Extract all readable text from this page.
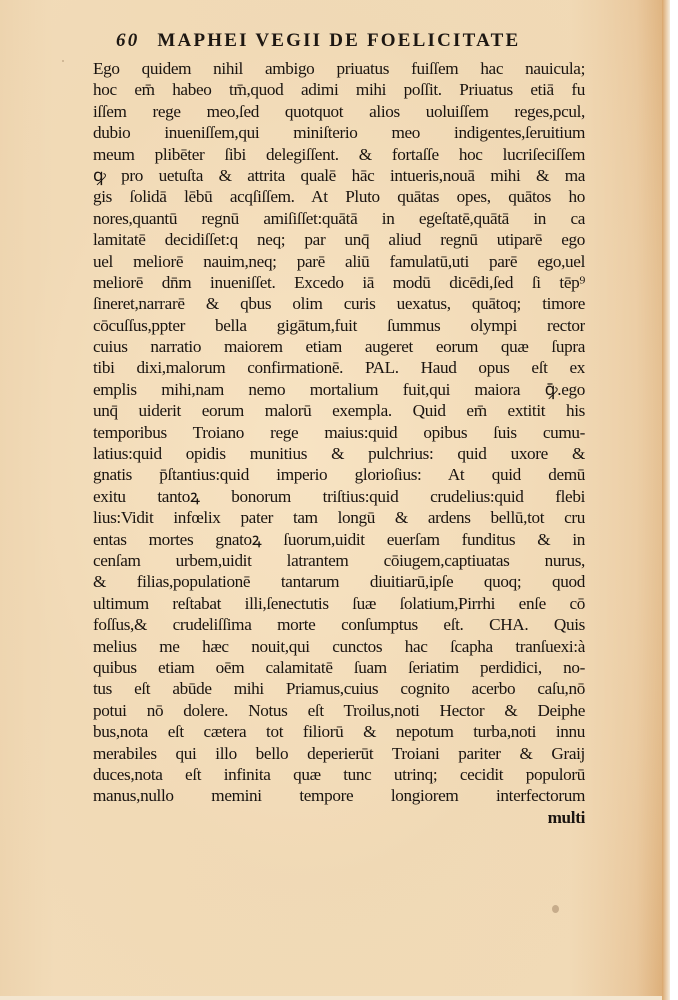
60 MAPHEI VEGII DE FOELICITATE
Ego quidem nihil ambigo priuatus fuiſſem hac nauicula;
hoc em̄ habeo tm̄,quod adimi mihi poſſit. Priuatus etiā fu
iſſem rege meo,ſed quotquot alios uoluiſſem reges,pcul,
dubio inueniſſem,qui miniſterio meo indigentes,ſeruitium
meum plibēter ſibi delegiſſent. & fortaſſe hoc lucriſeciſſem
ꝙ pro uetuſta & attrita qualē hāc intueris,nouā mihi & ma
gis ſolidā lēbū acqſiſſem. At Pluto quātas opes, quātos ho
nores,quantū regnū amiſiſſet:quātā in egeſtatē,quātā in ca
lamitatē decidiſſet:q neq; par unq̄ aliud regnū utiparē ego
uel meliorē nauim,neq; parē aliū famulatū,uti parē ego,uel
meliorē dn̄m inueniſſet. Excedo iā modū dicēdi,ſed ſi tēp⁹
ſineret,narrarē & qbus olim curis uexatus, quātoq; timore
cōcuſſus,ppter bella gigātum,fuit ſummus olympi rector
cuius narratio maiorem etiam augeret eorum quæ ſupra
tibi dixi,malorum confirmationē. PAL. Haud opus eſt ex
emplis mihi,nam nemo mortalium fuit,qui maiora ꝙ̄.ego
unq̄ uiderit eorum malorū exempla. Quid em̄ extitit his
temporibus Troiano rege maius:quid opibus ſuis cumu-
latius:quid opidis munitius & pulchrius: quid uxore &
gnatis p̄ſtantius:quid imperio glorioſius: At quid demū
exitu tantoꝝ bonorum triſtius:quid crudelius:quid flebi
lius:Vidit infœlix pater tam longū & ardens bellū,tot cru
entas mortes gnatoꝝ ſuorum,uidit euerſam funditus & in
cenſam urbem,uidit latrantem cōiugem,captiuatas nurus,
& filias,populationē tantarum diuitiarū,ipſe quoq; quod
ultimum reſtabat illi,ſenectutis ſuæ ſolatium,Pirrhi enſe cō
foſſus,& crudeliſſima morte conſumptus eſt. CHA. Quis
melius me hæc nouit,qui cunctos hac ſcapha tranſuexi:à
quibus etiam oēm calamitatē ſuam ſeriatim perdidici, no-
tus eſt abūde mihi Priamus,cuius cognito acerbo caſu,nō
potui nō dolere. Notus eſt Troilus,noti Hector & Deiphe
bus,nota eſt cætera tot filiorū & nepotum turba,noti innu
merabiles qui illo bello deperierūt Troiani pariter & Graij
duces,nota eſt infinita quæ tunc utrinq; cecidit populorū
manus,nullo memini tempore longiorem interfectorum
multi
